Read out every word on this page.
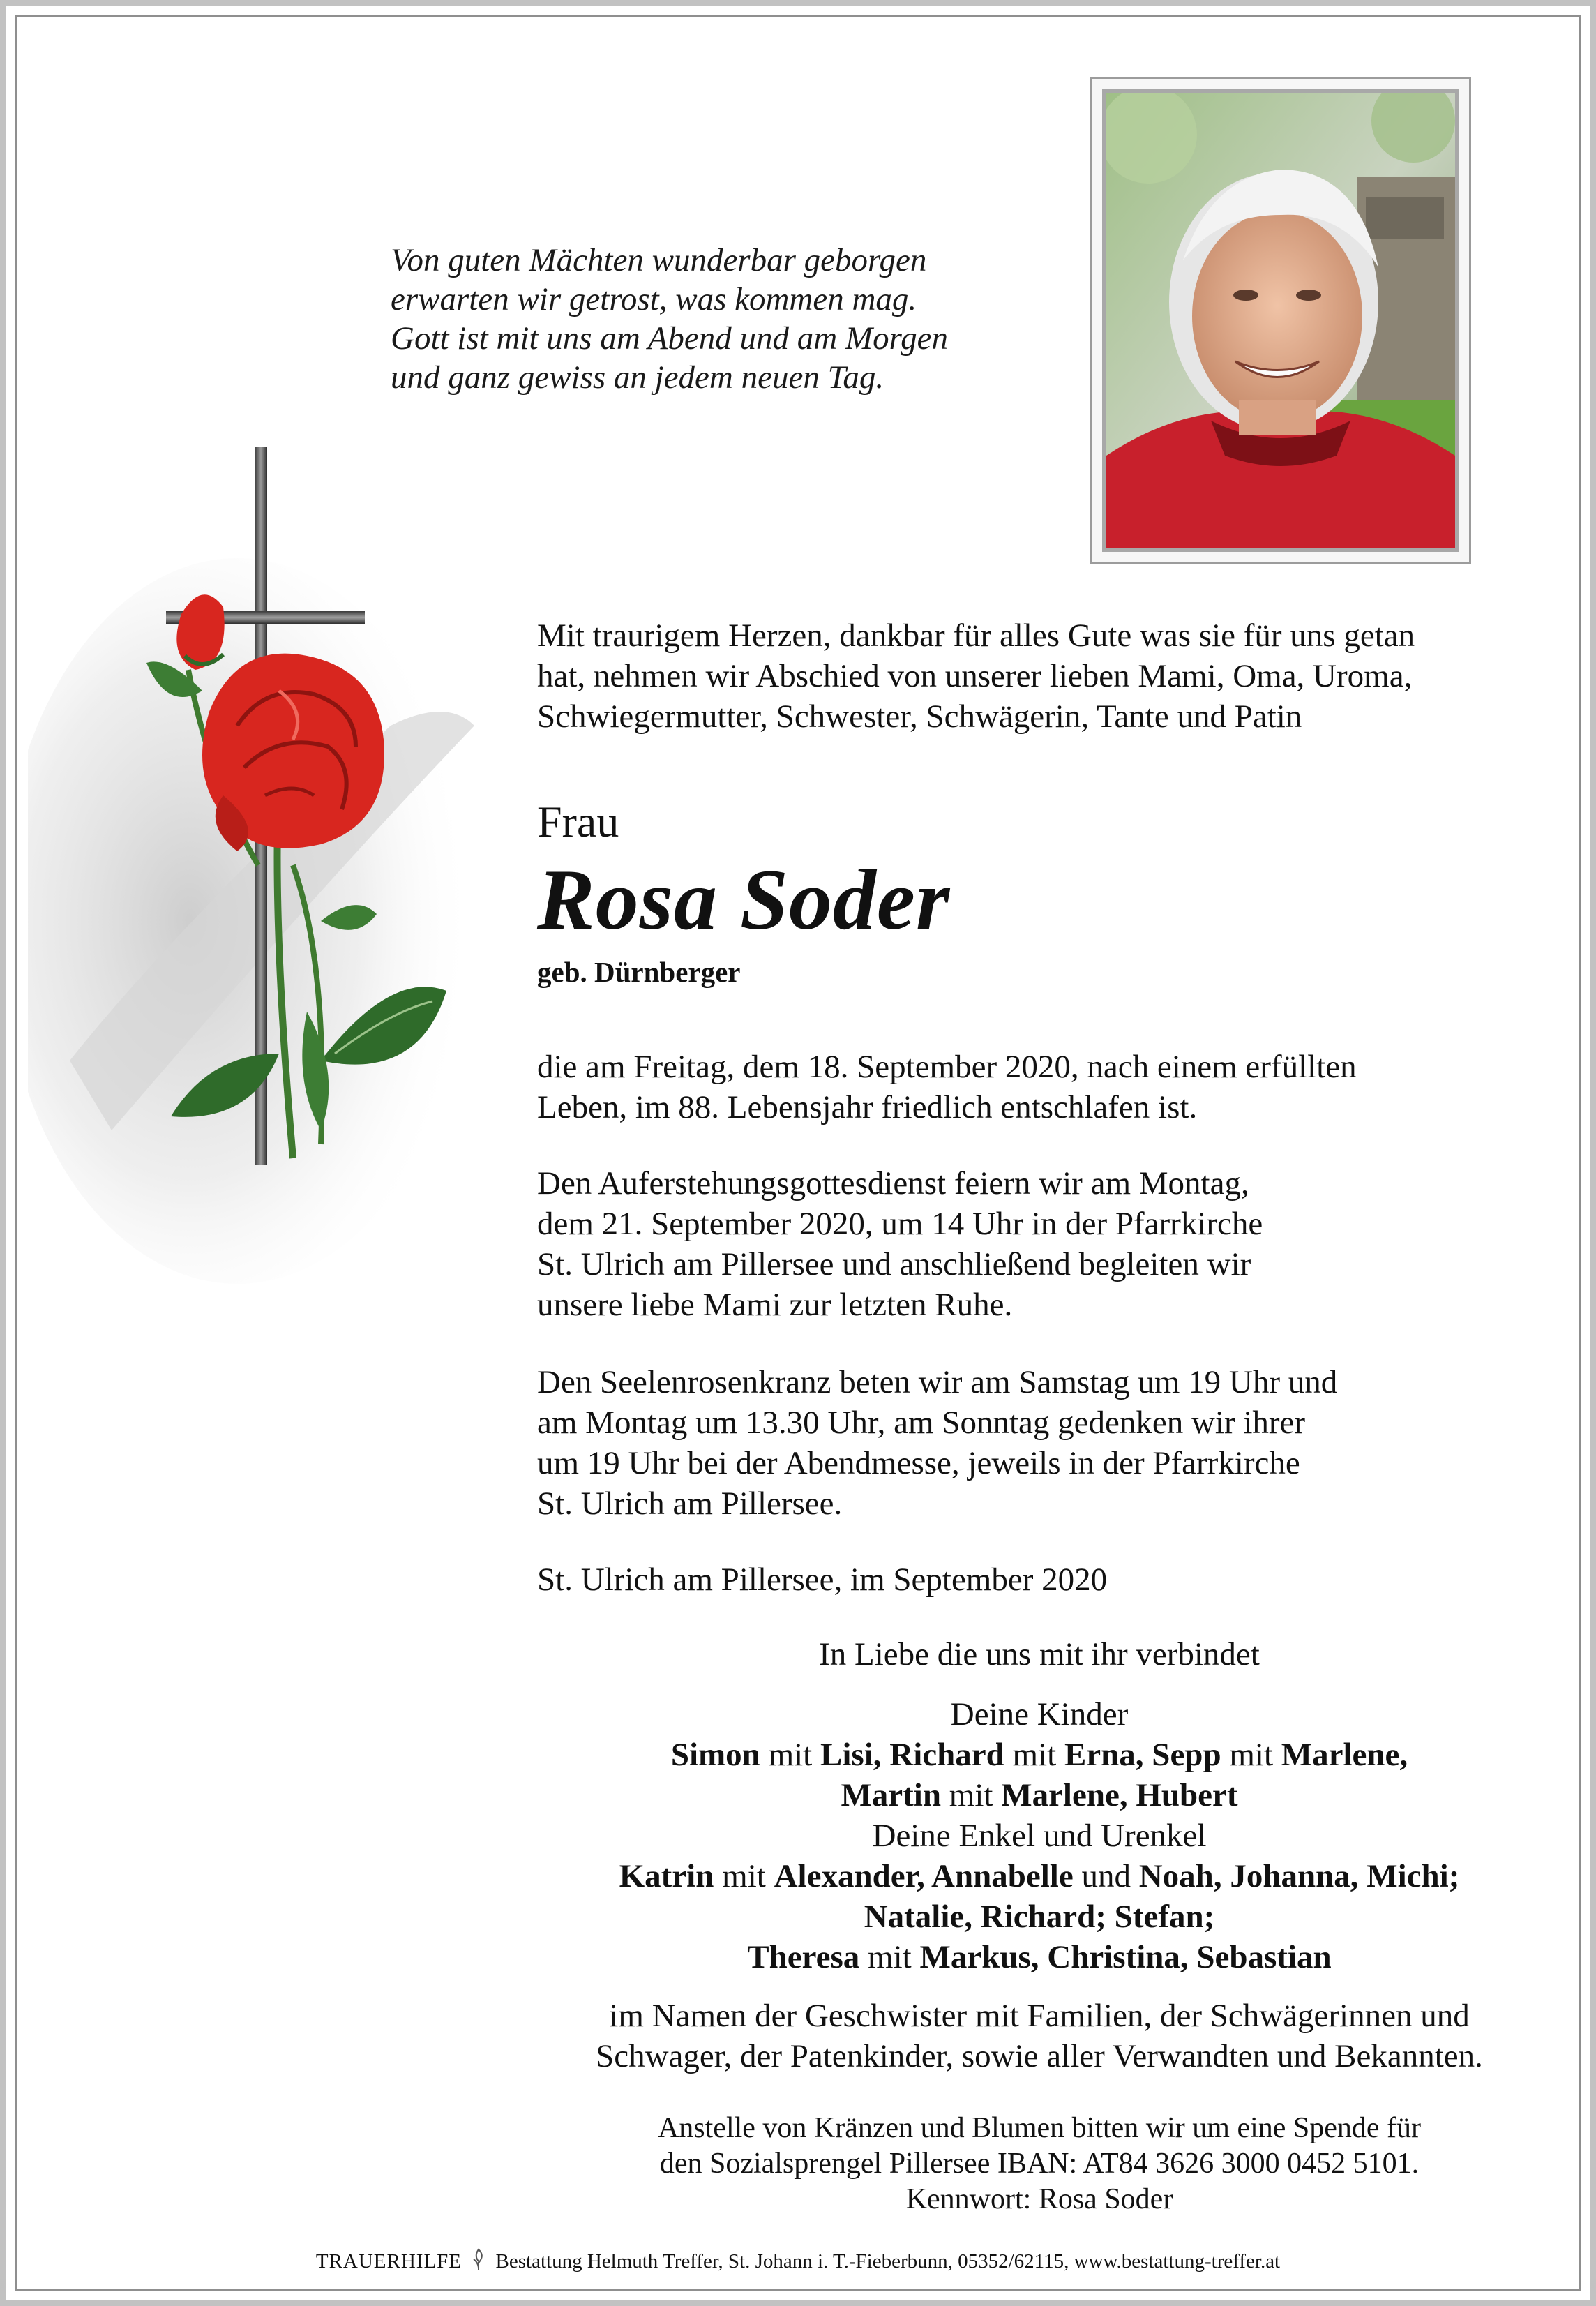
Von guten Mächten wunderbar geborgen
erwarten wir getrost, was kommen mag.
Gott ist mit uns am Abend und am Morgen
und ganz gewiss an jedem neuen Tag.
Mit traurigem Herzen, dankbar für alles Gute was sie für uns getan
hat, nehmen wir Abschied von unserer lieben Mami, Oma, Uroma,
Schwiegermutter, Schwester, Schwägerin, Tante und Patin
Frau
Rosa Soder
geb. Dürnberger
die am Freitag, dem 18. September 2020, nach einem erfüllten
Leben, im 88. Lebensjahr friedlich entschlafen ist.
Den Auferstehungsgottesdienst feiern wir am Montag,
dem 21. September 2020, um 14 Uhr in der Pfarrkirche
St. Ulrich am Pillersee und anschließend begleiten wir
unsere liebe Mami zur letzten Ruhe.
Den Seelenrosenkranz beten wir am Samstag um 19 Uhr und
am Montag um 13.30 Uhr, am Sonntag gedenken wir ihrer
um 19 Uhr bei der Abendmesse, jeweils in der Pfarrkirche
St. Ulrich am Pillersee.
St. Ulrich am Pillersee, im September 2020
In Liebe die uns mit ihr verbindet
Deine Kinder
Simon mit Lisi, Richard mit Erna, Sepp mit Marlene,
Martin mit Marlene, Hubert
Deine Enkel und Urenkel
Katrin mit Alexander, Annabelle und Noah, Johanna, Michi;
Natalie, Richard; Stefan;
Theresa mit Markus, Christina, Sebastian
im Namen der Geschwister mit Familien, der Schwägerinnen und
Schwager, der Patenkinder, sowie aller Verwandten und Bekannten.
Anstelle von Kränzen und Blumen bitten wir um eine Spende für
den Sozialsprengel Pillersee IBAN: AT84 3626 3000 0452 5101.
Kennwort: Rosa Soder
TRAUERHILFE Bestattung Helmuth Treffer, St. Johann i. T.-Fieberbunn, 05352/62115, www.bestattung-treffer.at
